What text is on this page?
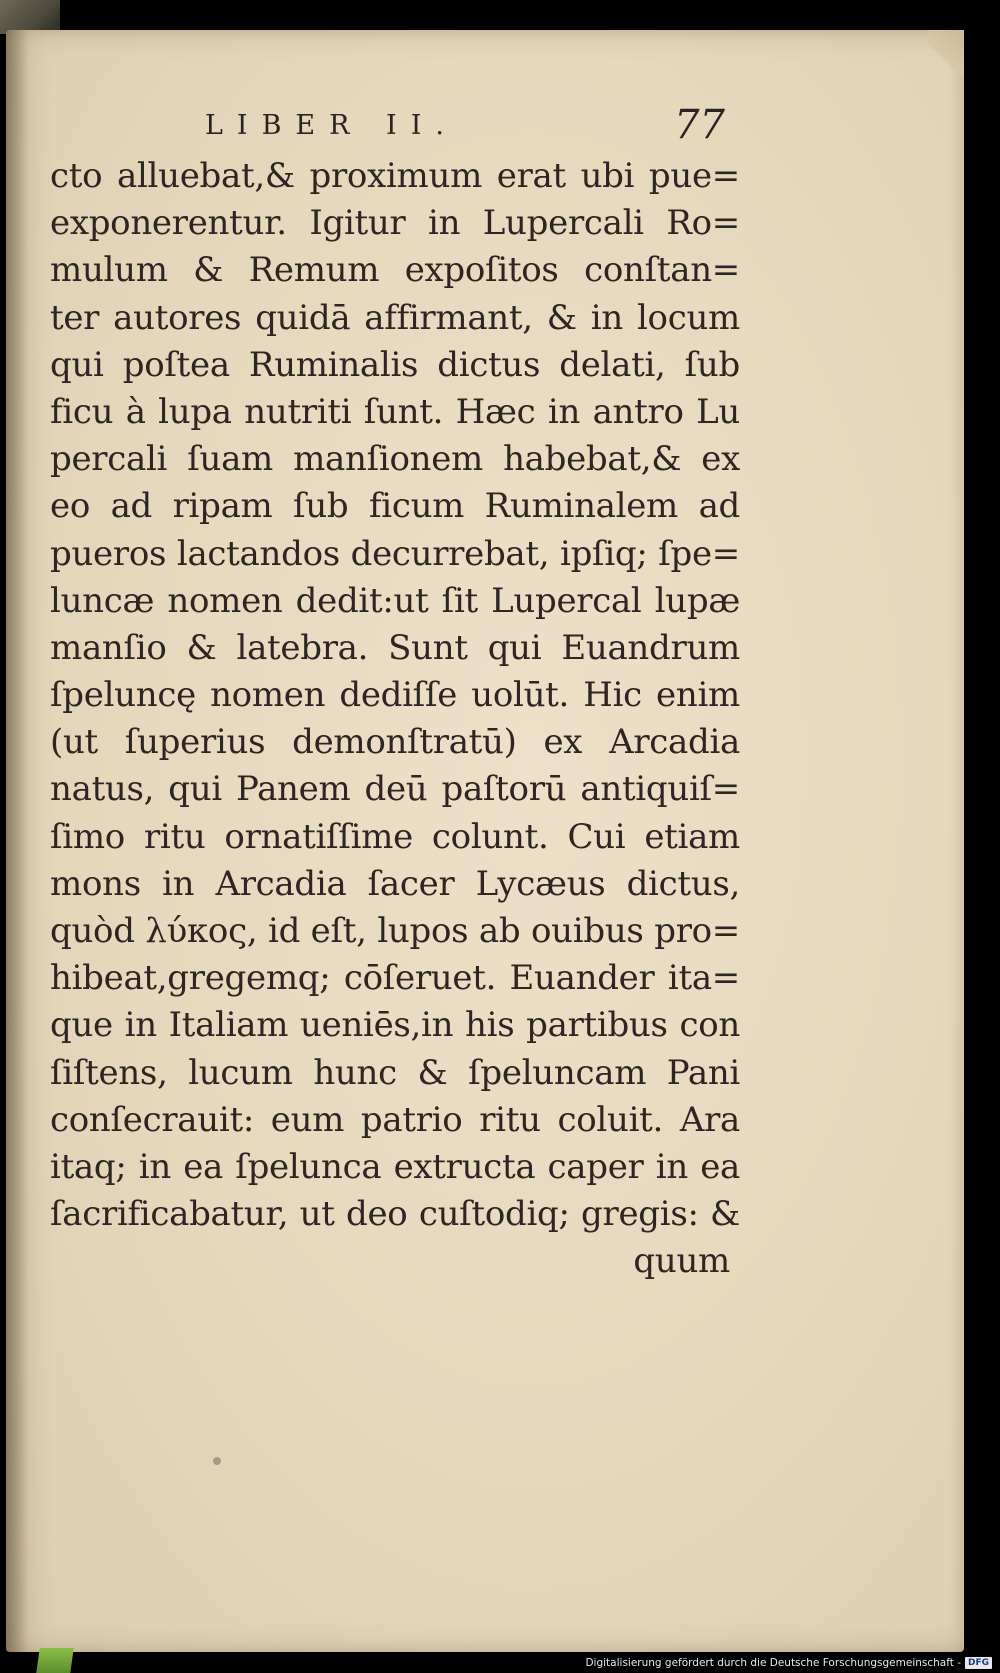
LIBER II.	77
cto alluebat,& proximum erat ubi pue=
exponerentur. Igitur in Lupercali Ro=
mulum & Remum expoſitos conſtan=
ter autores quidā affirmant, & in locum
qui poſtea Ruminalis dictus delati, ſub
ficu à lupa nutriti ſunt. Hæc in antro Lu
percali ſuam manſionem habebat,& ex
eo ad ripam ſub ficum Ruminalem ad
pueros lactandos decurrebat, ipſiq; ſpe=
luncæ nomen dedit:ut ſit Lupercal lupæ
manſio & latebra. Sunt qui Euandrum
ſpeluncę nomen dediſſe uolūt. Hic enim
(ut ſuperius demonſtratū) ex Arcadia
natus, qui Panem deū paſtorū antiquiſ=
ſimo ritu ornatiſſime colunt. Cui etiam
mons in Arcadia ſacer Lycæus dictus,
quòd λύκος, id eſt, lupos ab ouibus pro=
hibeat,gregemq; cōſeruet. Euander ita=
que in Italiam ueniēs,in his partibus con
ſiſtens, lucum hunc & ſpeluncam Pani
conſecrauit: eum patrio ritu coluit. Ara
itaq; in ea ſpelunca extructa caper in ea
ſacrificabatur, ut deo cuſtodiq; gregis: &
quum
Digitalisierung gefördert durch die Deutsche Forschungsgemeinschaft - DFG
